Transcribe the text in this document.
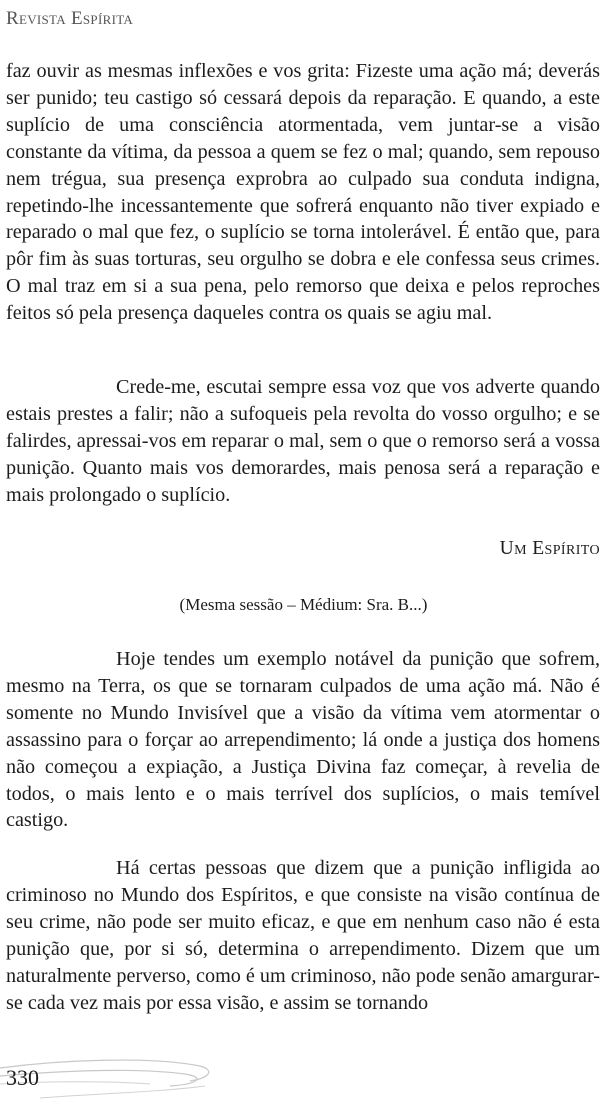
Revista Espírita

faz ouvir as mesmas inflexões e vos grita: Fizeste uma ação má; deverás ser punido; teu castigo só cessará depois da reparação. E quando, a este suplício de uma consciência atormentada, vem juntar-se a visão constante da vítima, da pessoa a quem se fez o mal; quando, sem repouso nem trégua, sua presença exprobra ao culpado sua conduta indigna, repetindo-lhe incessantemente que sofrerá enquanto não tiver expiado e reparado o mal que fez, o suplício se torna intolerável. É então que, para pôr fim às suas torturas, seu orgulho se dobra e ele confessa seus crimes. O mal traz em si a sua pena, pelo remorso que deixa e pelos reproches feitos só pela presença daqueles contra os quais se agiu mal.

Crede-me, escutai sempre essa voz que vos adverte quando estais prestes a falir; não a sufoqueis pela revolta do vosso orgulho; e se falirdes, apressai-vos em reparar o mal, sem o que o remorso será a vossa punição. Quanto mais vos demorardes, mais penosa será a reparação e mais prolongado o suplício.

Um Espírito

(Mesma sessão – Médium: Sra. B...)

Hoje tendes um exemplo notável da punição que sofrem, mesmo na Terra, os que se tornaram culpados de uma ação má. Não é somente no Mundo Invisível que a visão da vítima vem atormentar o assassino para o forçar ao arrependimento; lá onde a justiça dos homens não começou a expiação, a Justiça Divina faz começar, à revelia de todos, o mais lento e o mais terrível dos suplícios, o mais temível castigo.

Há certas pessoas que dizem que a punição infligida ao criminoso no Mundo dos Espíritos, e que consiste na visão contínua de seu crime, não pode ser muito eficaz, e que em nenhum caso não é esta punição que, por si só, determina o arrependimento. Dizem que um naturalmente perverso, como é um criminoso, não pode senão amargurar-se cada vez mais por essa visão, e assim se tornando

330
